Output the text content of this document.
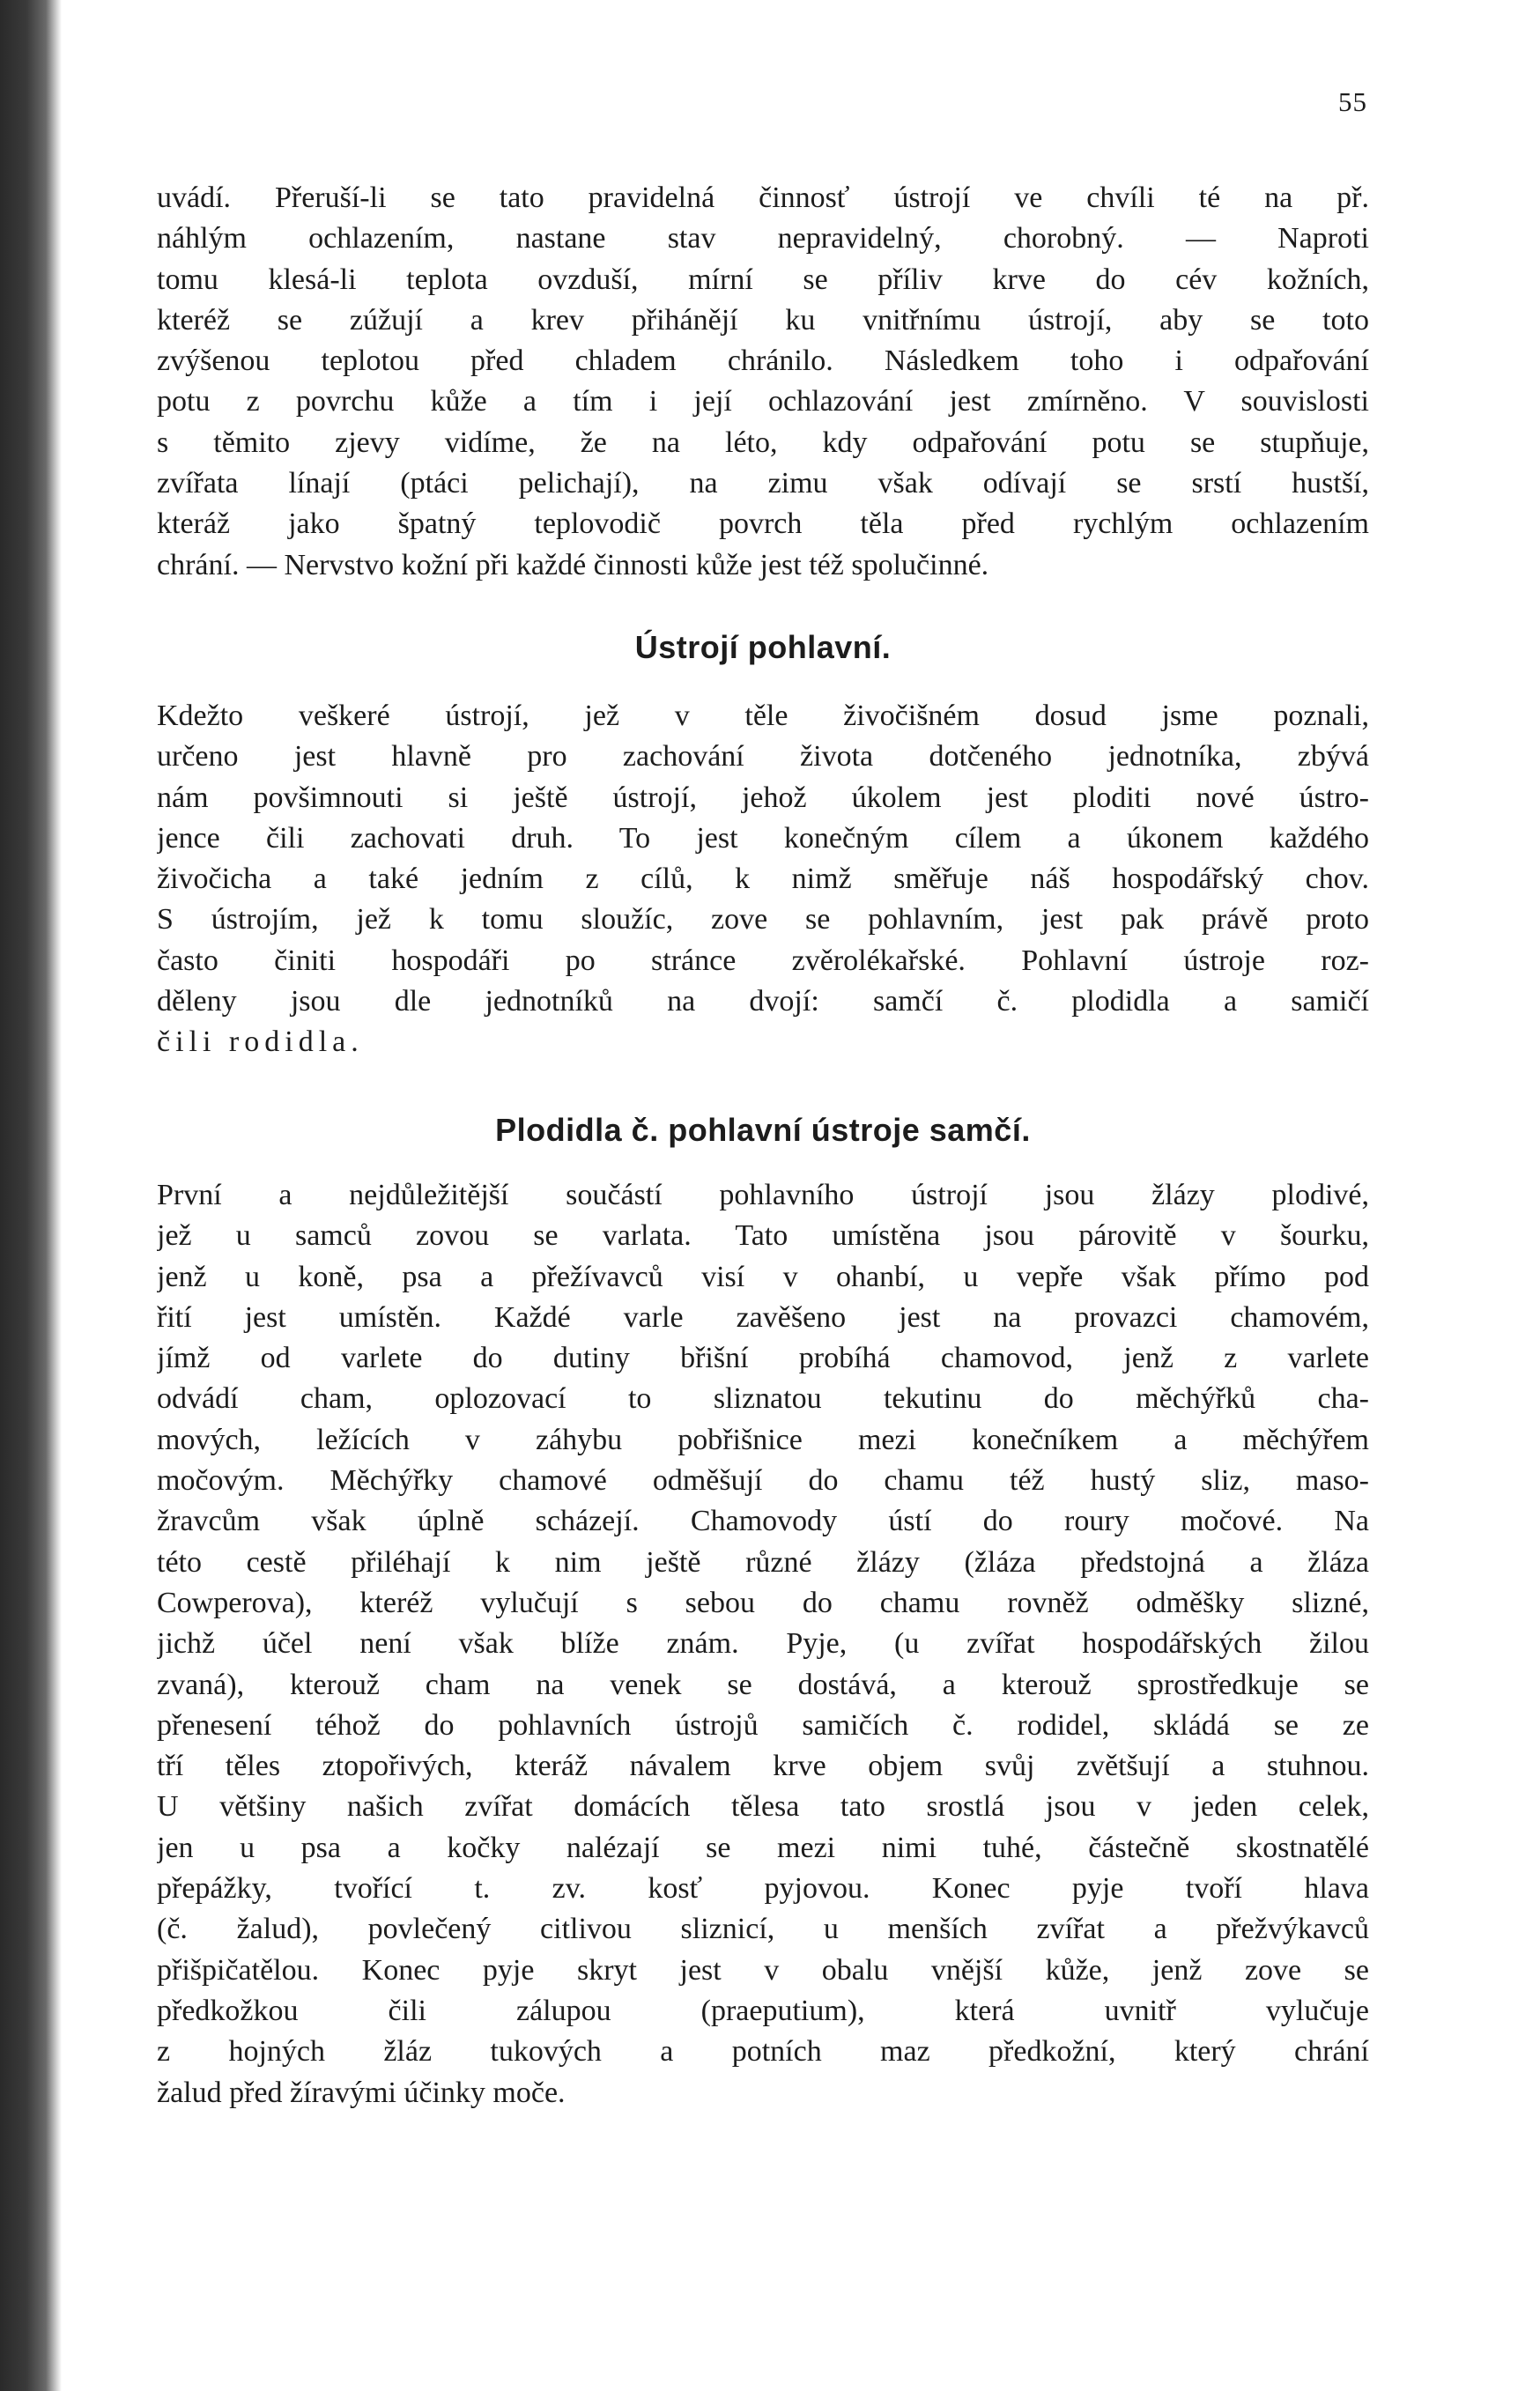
55
uvádí. Přeruší-li se tato pravidelná činnosť ústrojí ve chvíli té na př.
náhlým ochlazením, nastane stav nepravidelný, chorobný. — Naproti
tomu klesá-li teplota ovzduší, mírní se příliv krve do cév kožních,
kteréž se zúžují a krev přihánějí ku vnitřnímu ústrojí, aby se toto
zvýšenou teplotou před chladem chránilo. Následkem toho i odpařování
potu z povrchu kůže a tím i její ochlazování jest zmírněno. V souvislosti
s těmito zjevy vidíme, že na léto, kdy odpařování potu se stupňuje,
zvířata línají (ptáci pelichají), na zimu však odívají se srstí hustší,
kteráž jako špatný teplovodič povrch těla před rychlým ochlazením
chrání. — Nervstvo kožní při každé činnosti kůže jest též spolučinné.
Ústrojí pohlavní.
Kdežto veškeré ústrojí, jež v těle živočišném dosud jsme poznali,
určeno jest hlavně pro zachování života dotčeného jednotníka, zbývá
nám povšimnouti si ještě ústrojí, jehož úkolem jest ploditi nové ústro-
jence čili zachovati druh. To jest konečným cílem a úkonem každého
živočicha a také jedním z cílů, k nimž směřuje náš hospodářský chov.
S ústrojím, jež k tomu sloužíc, zove se pohlavním, jest pak právě proto
často činiti hospodáři po stránce zvěrolékařské. Pohlavní ústroje roz-
děleny jsou dle jednotníků na dvojí: samčí č. plodidla a samičí
čili rodidla.
Plodidla č. pohlavní ústroje samčí.
První a nejdůležitější součástí pohlavního ústrojí jsou žlázy plodivé,
jež u samců zovou se varlata. Tato umístěna jsou párovitě v šourku,
jenž u koně, psa a přežívavců visí v ohanbí, u vepře však přímo pod
řití jest umístěn. Každé varle zavěšeno jest na provazci chamovém,
jímž od varlete do dutiny břišní probíhá chamovod, jenž z varlete
odvádí cham, oplozovací to sliznatou tekutinu do měchýřků cha-
mových, ležících v záhybu pobřišnice mezi konečníkem a měchýřem
močovým. Měchýřky chamové odměšují do chamu též hustý sliz, maso-
žravcům však úplně scházejí. Chamovody ústí do roury močové. Na
této cestě přiléhají k nim ještě různé žlázy (žláza předstojná a žláza
Cowperova), kteréž vylučují s sebou do chamu rovněž odměšky slizné,
jichž účel není však blíže znám. Pyje, (u zvířat hospodářských žilou
zvaná), kterouž cham na venek se dostává, a kterouž sprostředkuje se
přenesení téhož do pohlavních ústrojů samičích č. rodidel, skládá se ze
tří těles ztopořivých, kteráž návalem krve objem svůj zvětšují a stuhnou.
U většiny našich zvířat domácích tělesa tato srostlá jsou v jeden celek,
jen u psa a kočky nalézají se mezi nimi tuhé, částečně skostnatělé
přepážky, tvořící t. zv. kosť pyjovou. Konec pyje tvoří hlava
(č. žalud), povlečený citlivou sliznicí, u menších zvířat a přežvýkavců
přišpičatělou. Konec pyje skryt jest v obalu vnější kůže, jenž zove se
předkožkou čili zálupou (praeputium), která uvnitř vylučuje
z hojných žláz tukových a potních maz předkožní, který chrání
žalud před žíravými účinky moče.
